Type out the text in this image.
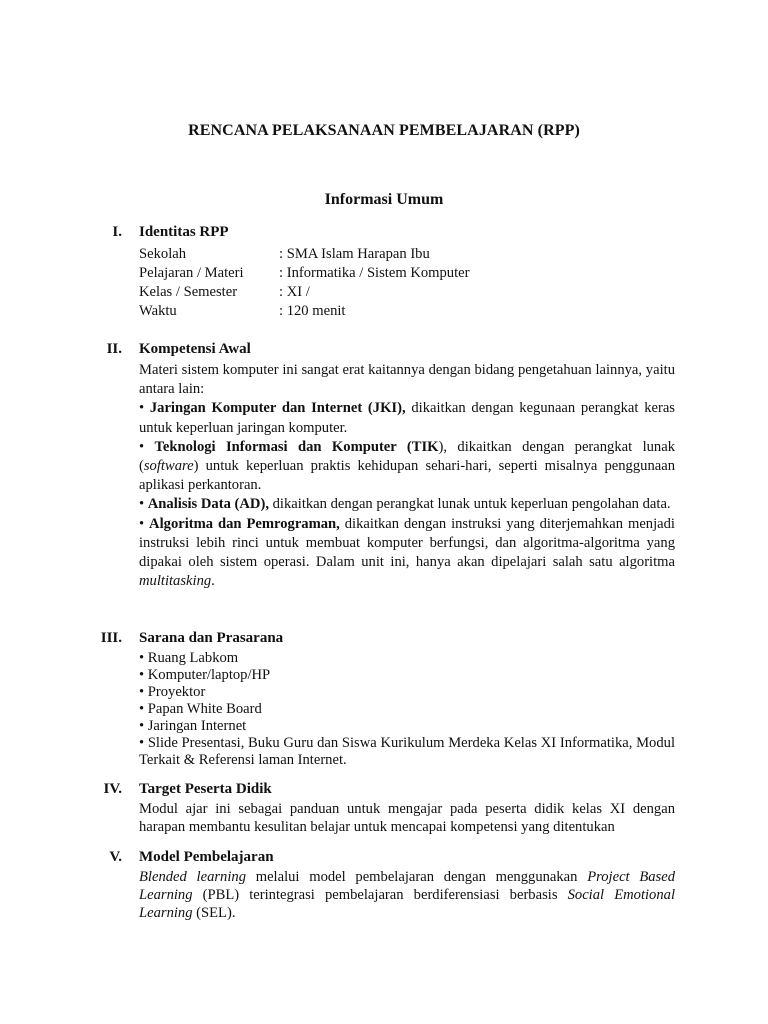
RENCANA PELAKSANAAN PEMBELAJARAN (RPP)
Informasi Umum
I. Identitas RPP
Sekolah	: SMA Islam Harapan Ibu
Pelajaran / Materi : Informatika / Sistem Komputer
Kelas / Semester	: XI /
Waktu	: 120 menit
II. Kompetensi Awal
Materi sistem komputer ini sangat erat kaitannya dengan bidang pengetahuan lainnya, yaitu antara lain:
• Jaringan Komputer dan Internet (JKI), dikaitkan dengan kegunaan perangkat keras untuk keperluan jaringan komputer.
• Teknologi Informasi dan Komputer (TIK), dikaitkan dengan perangkat lunak (software) untuk keperluan praktis kehidupan sehari-hari, seperti misalnya penggunaan aplikasi perkantoran.
• Analisis Data (AD), dikaitkan dengan perangkat lunak untuk keperluan pengolahan data.
• Algoritma dan Pemrograman, dikaitkan dengan instruksi yang diterjemahkan menjadi instruksi lebih rinci untuk membuat komputer berfungsi, dan algoritma-algoritma yang dipakai oleh sistem operasi. Dalam unit ini, hanya akan dipelajari salah satu algoritma multitasking.
III. Sarana dan Prasarana
• Ruang Labkom
• Komputer/laptop/HP
• Proyektor
• Papan White Board
• Jaringan Internet
• Slide Presentasi, Buku Guru dan Siswa Kurikulum Merdeka Kelas XI Informatika, Modul Terkait & Referensi laman Internet.
IV. Target Peserta Didik
Modul ajar ini sebagai panduan untuk mengajar pada peserta didik kelas XI dengan harapan membantu kesulitan belajar untuk mencapai kompetensi yang ditentukan
V. Model Pembelajaran
Blended learning melalui model pembelajaran dengan menggunakan Project Based Learning (PBL) terintegrasi pembelajaran berdiferensiasi berbasis Social Emotional Learning (SEL).
